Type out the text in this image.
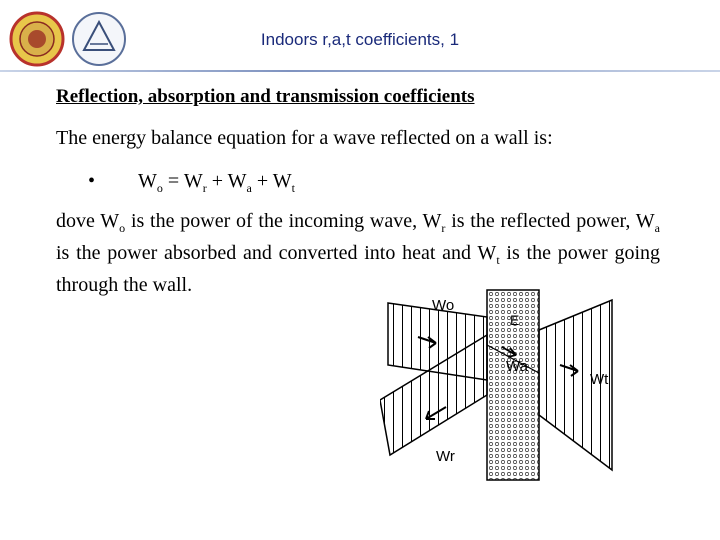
Indoors r,a,t coefficients, 1
Reflection, absorption and transmission coefficients
The energy balance equation for a wave reflected on a wall is:
• $W_o = W_r + W_a + W_t$
dove $W_o$ is the power of the incoming wave, $W_r$ is the reflected power, $W_a$ is the power absorbed and converted into heat and $W_t$ is the power going through the wall.
Wo
E
Wa
Wt
Wr
